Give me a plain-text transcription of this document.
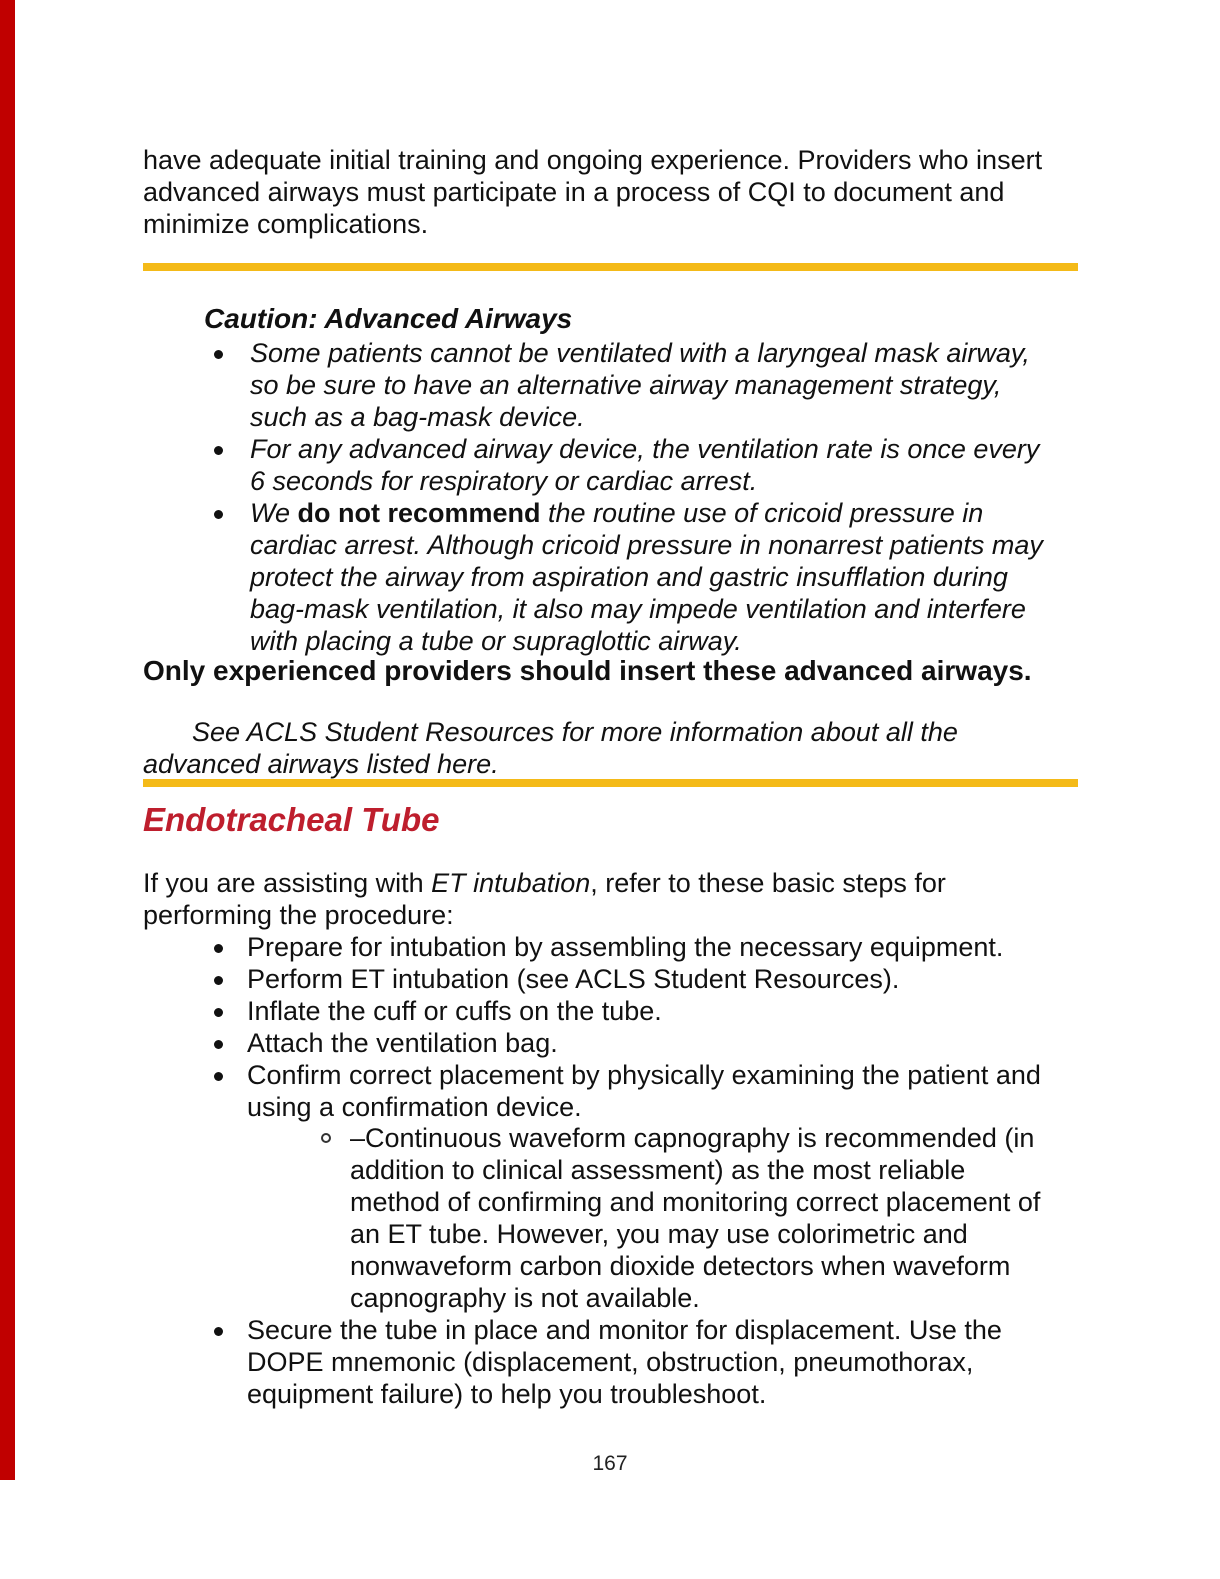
have adequate initial training and ongoing experience. Providers who insert
advanced airways must participate in a process of CQI to document and
minimize complications.
Caution: Advanced Airways
Some patients cannot be ventilated with a laryngeal mask airway,
so be sure to have an alternative airway management strategy,
such as a bag-mask device.
For any advanced airway device, the ventilation rate is once every
6 seconds for respiratory or cardiac arrest.
We do not recommend the routine use of cricoid pressure in
cardiac arrest. Although cricoid pressure in nonarrest patients may
protect the airway from aspiration and gastric insufflation during
bag-mask ventilation, it also may impede ventilation and interfere
with placing a tube or supraglottic airway.
Only experienced providers should insert these advanced airways.
See ACLS Student Resources for more information about all the
advanced airways listed here.
Endotracheal Tube
If you are assisting with ET intubation, refer to these basic steps for
performing the procedure:
Prepare for intubation by assembling the necessary equipment.
Perform ET intubation (see ACLS Student Resources).
Inflate the cuff or cuffs on the tube.
Attach the ventilation bag.
Confirm correct placement by physically examining the patient and
using a confirmation device.
–Continuous waveform capnography is recommended (in
addition to clinical assessment) as the most reliable
method of confirming and monitoring correct placement of
an ET tube. However, you may use colorimetric and
nonwaveform carbon dioxide detectors when waveform
capnography is not available.
Secure the tube in place and monitor for displacement. Use the
DOPE mnemonic (displacement, obstruction, pneumothorax,
equipment failure) to help you troubleshoot.
167
